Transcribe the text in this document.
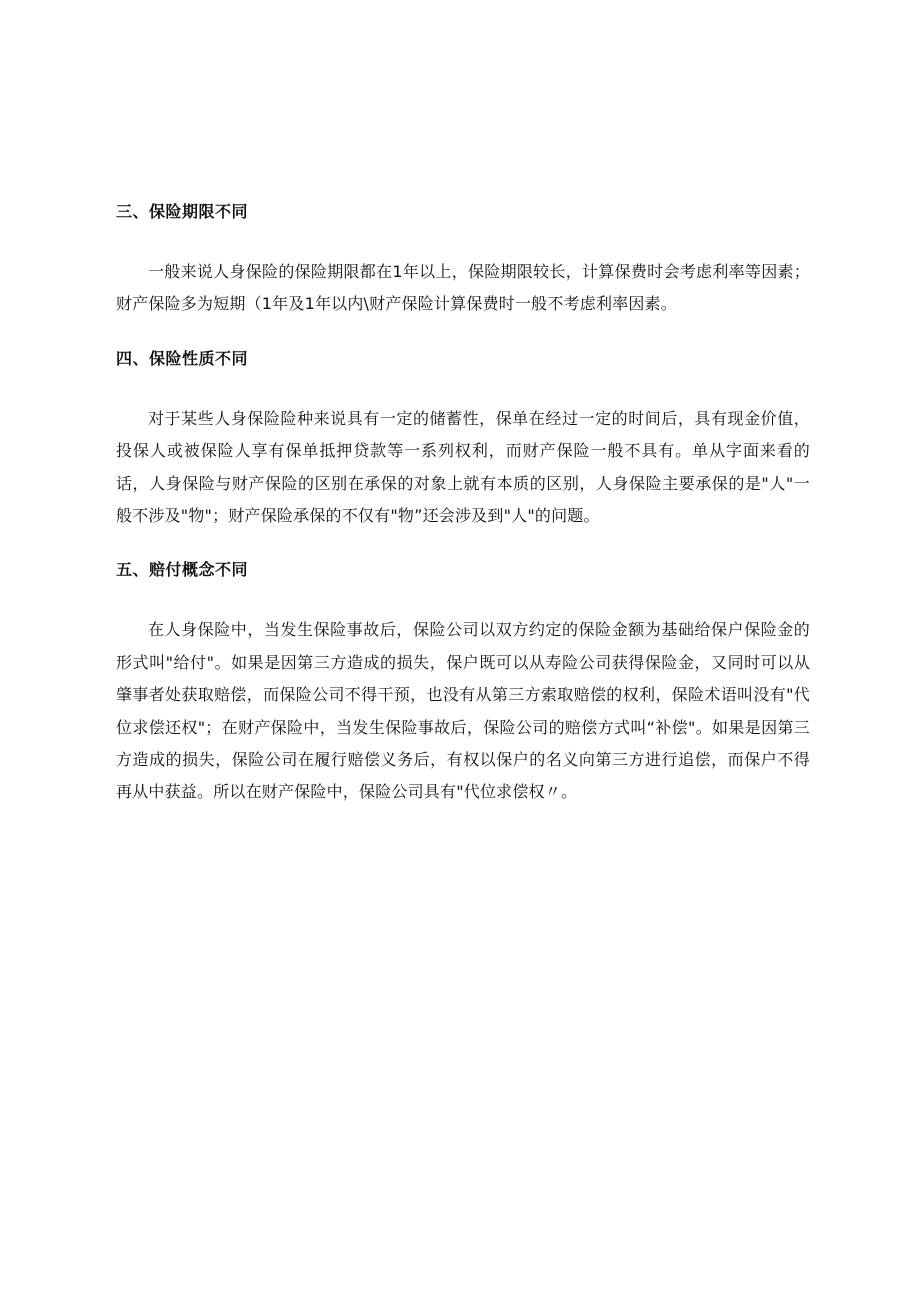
三、保险期限不同

一般来说人身保险的保险期限都在1年以上，保险期限较长，计算保费时会考虑利率等因素；财产保险多为短期（1年及1年以内\财产保险计算保费时一般不考虑利率因素。

四、保险性质不同

对于某些人身保险险种来说具有一定的储蓄性，保单在经过一定的时间后，具有现金价值，投保人或被保险人享有保单抵押贷款等一系列权利，而财产保险一般不具有。单从字面来看的话，人身保险与财产保险的区别在承保的对象上就有本质的区别，人身保险主要承保的是"人"一般不涉及"物"；财产保险承保的不仅有"物”还会涉及到"人"的问题。

五、赔付概念不同

在人身保险中，当发生保险事故后，保险公司以双方约定的保险金额为基础给保户保险金的形式叫"给付"。如果是因第三方造成的损失，保户既可以从寿险公司获得保险金，又同时可以从肇事者处获取赔偿，而保险公司不得干预，也没有从第三方索取赔偿的权利，保险术语叫没有"代位求偿还权"；在财产保险中，当发生保险事故后，保险公司的赔偿方式叫“补偿"。如果是因第三方造成的损失，保险公司在履行赔偿义务后，有权以保户的名义向第三方进行追偿，而保户不得再从中获益。所以在财产保险中，保险公司具有"代位求偿权〃。
